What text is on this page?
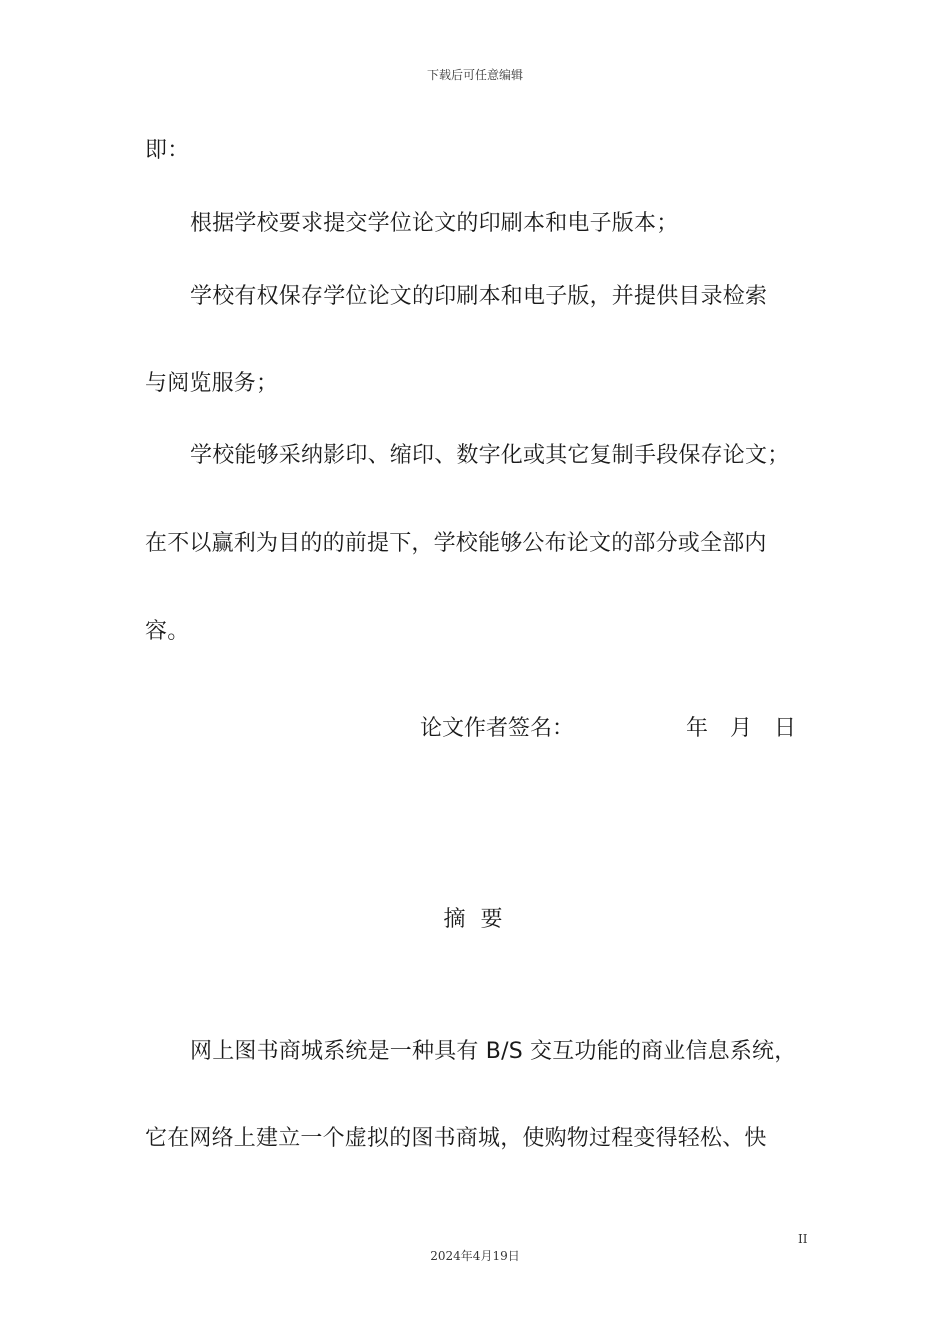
下载后可任意编辑
即：
根据学校要求提交学位论文的印刷本和电子版本；
学校有权保存学位论文的印刷本和电子版，并提供目录检索
与阅览服务；
学校能够采纳影印、缩印、数字化或其它复制手段保存论文；
在不以赢利为目的的前提下，学校能够公布论文的部分或全部内
容。
论文作者签名：	年　月　日
摘 要
网上图书商城系统是一种具有 B/S 交互功能的商业信息系统，
它在网络上建立一个虚拟的图书商城，使购物过程变得轻松、快
II
2024年4月19日
